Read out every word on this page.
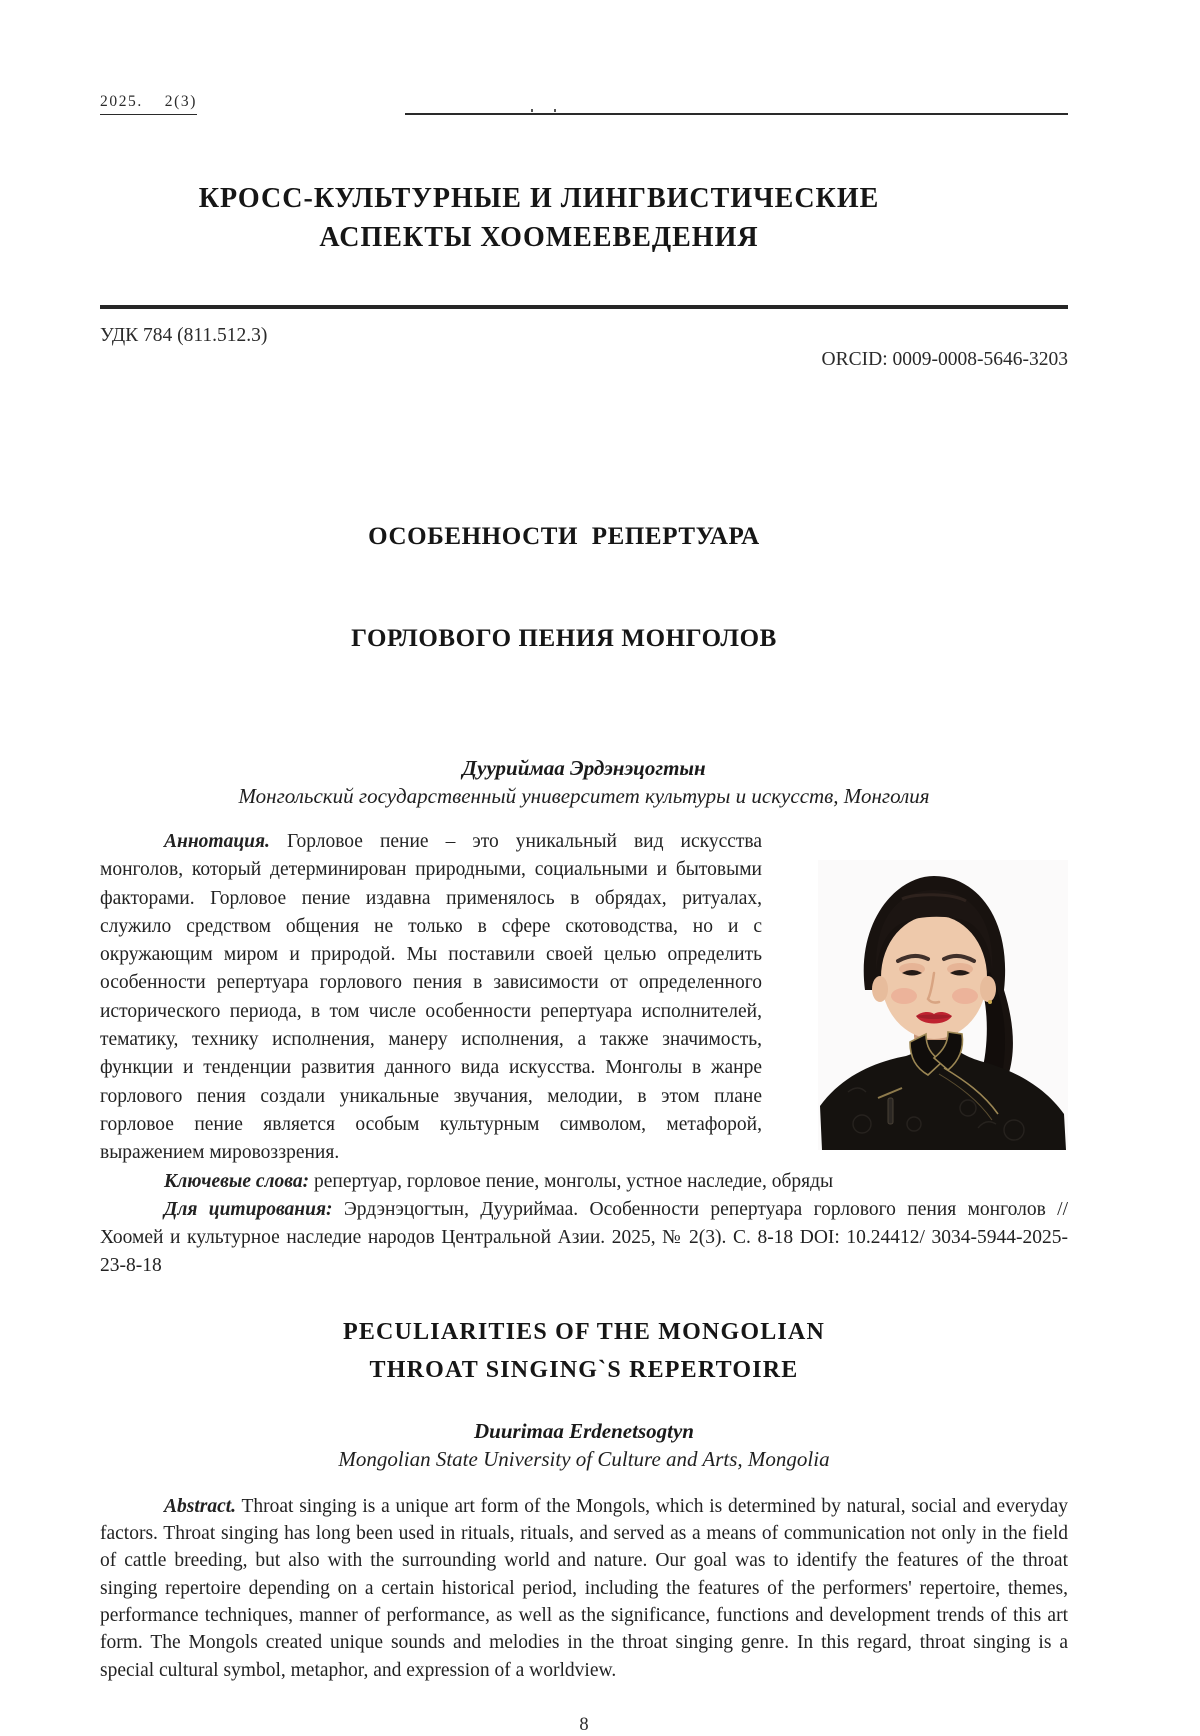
2025.    2(3)
КРОСС-КУЛЬТУРНЫЕ И ЛИНГВИСТИЧЕСКИЕ
АСПЕКТЫ ХООМЕЕВЕДЕНИЯ
УДК 784 (811.512.3)
ORCID: 0009-0008-5646-3203

ОСОБЕННОСТИ  РЕПЕРТУАРА

ГОРЛОВОГО ПЕНИЯ МОНГОЛОВ

Дууриймаа Эрдэнэцогтын
Монгольский государственный университет культуры и искусств, Монголия

Аннотация. Горловое пение – это уникальный вид искусства монголов, который детерминирован природными, социальными и бытовыми факторами. Горловое пение издавна применялось в обрядах, ритуалах, служило средством общения не только в сфере скотоводства, но и с окружающим миром и природой. Мы поставили своей целью определить особенности репертуара горлового пения в зависимости от определенного исторического периода, в том числе особенности репертуара исполнителей, тематику, технику исполнения, манеру исполнения, а также значимость, функции и тенденции развития данного вида искусства. Монголы в жанре горлового пения создали уникальные звучания, мелодии, в этом плане горловое пение является особым культурным символом, метафорой, выражением мировоззрения.

Ключевые слова: репертуар, горловое пение, монголы, устное наследие, обряды

Для цитирования: Эрдэнэцогтын, Дууриймаа. Особенности репертуара горлового пения монголов // Хоомей и культурное наследие народов Центральной Азии. 2025, № 2(3). С. 8-18 DOI: 10.24412/ 3034-5944-2025-23-8-18

PECULIARITIES OF THE MONGOLIAN
THROAT SINGING`S REPERTOIRE
Duurimaa Erdenetsogtyn
Mongolian State University of Culture and Arts, Mongolia

Abstract. Throat singing is a unique art form of the Mongols, which is determined by natural, social and everyday factors. Throat singing has long been used in rituals, rituals, and served as a means of communication not only in the field of cattle breeding, but also with the surrounding world and nature. Our goal was to identify the features of the throat singing repertoire depending on a certain historical period, including the features of the performers' repertoire, themes, performance techniques, manner of performance, as well as the significance, functions and development trends of this art form. The Mongols created unique sounds and melodies in the throat singing genre. In this regard, throat singing is a special cultural symbol, metaphor, and expression of a worldview.

8
